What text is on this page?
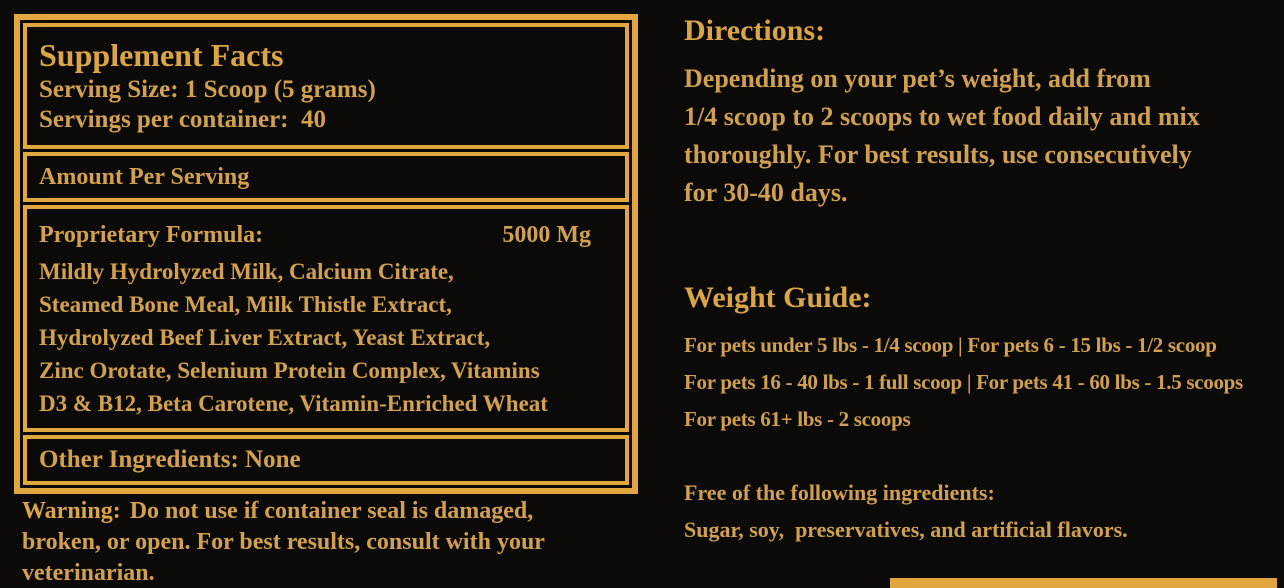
Supplement Facts
Serving Size: 1 Scoop (5 grams)
Servings per container:  40
Amount Per Serving
Proprietary Formula:	5000 Mg
Mildly Hydrolyzed Milk, Calcium Citrate,
Steamed Bone Meal, Milk Thistle Extract,
Hydrolyzed Beef Liver Extract, Yeast Extract,
Zinc Orotate, Selenium Protein Complex, Vitamins
D3 & B12, Beta Carotene, Vitamin-Enriched Wheat
Other Ingredients: None
Warning: Do not use if container seal is damaged,
broken, or open. For best results, consult with your
veterinarian.
Directions:
Depending on your pet’s weight, add from
1/4 scoop to 2 scoops to wet food daily and mix
thoroughly. For best results, use consecutively
for 30-40 days.
Weight Guide:
For pets under 5 lbs - 1/4 scoop | For pets 6 - 15 lbs - 1/2 scoop
For pets 16 - 40 lbs - 1 full scoop | For pets 41 - 60 lbs - 1.5 scoops
For pets 61+ lbs - 2 scoops
Free of the following ingredients:
Sugar, soy,  preservatives, and artificial flavors.
